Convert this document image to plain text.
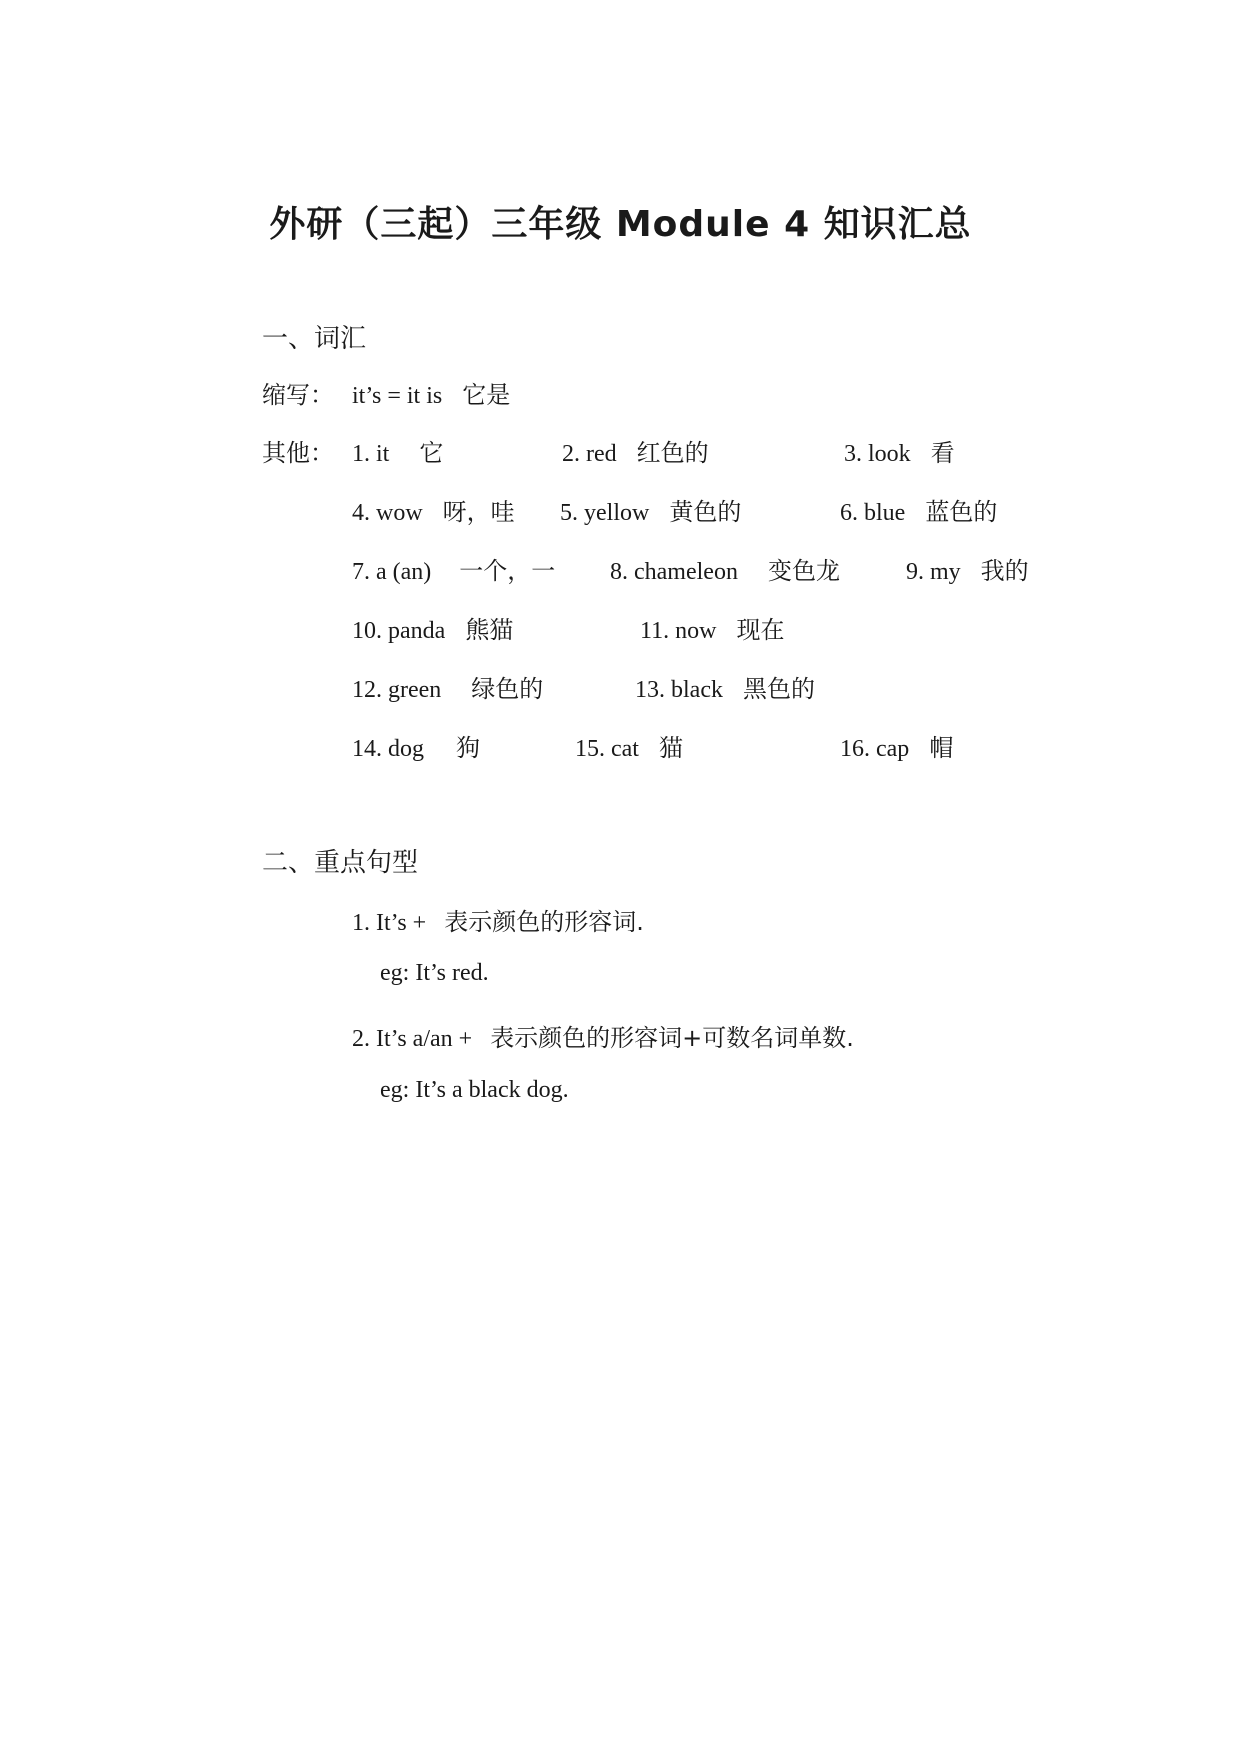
外研（三起）三年级 Module 4 知识汇总
一、词汇
缩写： it’s = it is 它是
其他： 1. it 它	2. red 红色的	3. look 看
4. wow 呀，哇 5. yellow 黄色的	6. blue 蓝色的
7. a (an) 一个，一 8. chameleon 变色龙	9. my 我的
10. panda 熊猫	11. now 现在
12. green 绿色的	13. black 黑色的
14. dog 狗	15. cat 猫	16. cap 帽
二、重点句型
1. It’s + 表示颜色的形容词.
eg: It’s red.
2. It’s a/an + 表示颜色的形容词+可数名词单数.
eg: It’s a black dog.
